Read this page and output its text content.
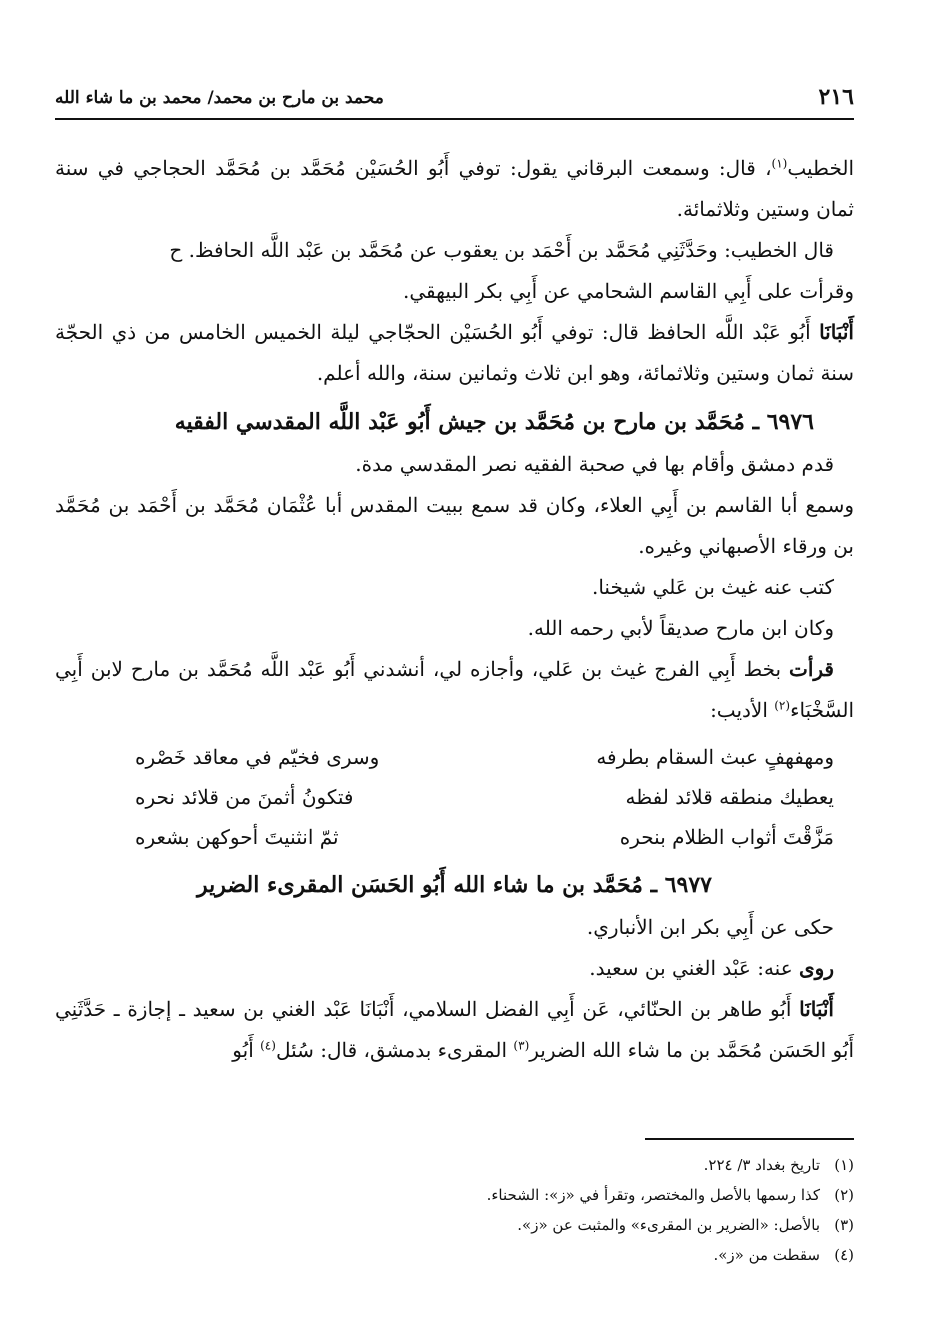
٢١٦
محمد بن مارح بن محمد/ محمد بن ما شاء الله

الخطيب$^{(١)}$، قال: وسمعت البرقاني يقول: توفي أَبُو الحُسَيْن مُحَمَّد بن مُحَمَّد الحجاجي في سنة ثمان وستين وثلاثمائة.

قال الخطيب: وحَدَّثَنِي مُحَمَّد بن أَحْمَد بن يعقوب عن مُحَمَّد بن عَبْد اللَّه الحافظ. ح

وقرأت على أَبِي القاسم الشحامي عن أَبِي بكر البيهقي.

أَنْبَانَا أَبُو عَبْد اللَّه الحافظ قال: توفي أَبُو الحُسَيْن الحجّاجي ليلة الخميس الخامس من ذي الحجّة سنة ثمان وستين وثلاثمائة، وهو ابن ثلاث وثمانين سنة، والله أعلم.

٦٩٧٦ ـ مُحَمَّد بن مارح بن مُحَمَّد بن جيش أَبُو عَبْد اللَّه المقدسي الفقيه

قدم دمشق وأقام بها في صحبة الفقيه نصر المقدسي مدة.

وسمع أبا القاسم بن أَبِي العلاء، وكان قد سمع ببيت المقدس أبا عُثْمَان مُحَمَّد بن أَحْمَد بن مُحَمَّد بن ورقاء الأصبهاني وغيره.

كتب عنه غيث بن عَلي شيخنا.

وكان ابن مارح صديقاً لأبي رحمه الله.

قرأت بخط أَبِي الفرج غيث بن عَلي، وأجازه لي، أنشدني أَبُو عَبْد اللَّه مُحَمَّد بن مارح لابن أَبِي السَّخْبَاء$^{(٢)}$ الأديب:

ومهفهفٍ عبث السقام بطرفه
وسرى فخيّم في معاقد خَصْره
يعطيك منطقه قلائد لفظه
فتكونُ أثمنَ من قلائد نحره
مَزَّقْتَ أثواب الظلام بنحره
ثمّ انثنيتَ أحوكهن بشعره
٦٩٧٧ ـ مُحَمَّد بن ما شاء الله أَبُو الحَسَن المقرىء الضرير

حكى عن أَبِي بكر ابن الأنباري.

روى عنه: عَبْد الغني بن سعيد.

أَنْبَانَا أَبُو طاهر بن الحنّائي، عَن أَبِي الفضل السلامي، أَنْبَانَا عَبْد الغني بن سعيد ـ إجازة ـ حَدَّثَنِي أَبُو الحَسَن مُحَمَّد بن ما شاء الله الضرير$^{(٣)}$ المقرىء بدمشق، قال: سُئل$^{(٤)}$ أَبُو

(١)تاريخ بغداد ٣/ ٢٢٤.

(٢)كذا رسمها بالأصل والمختصر، وتقرأ في «ز»: الشحناء.

(٣)بالأصل: «الضرير بن المقرىء» والمثبت عن «ز».

(٤)سقطت من «ز».
